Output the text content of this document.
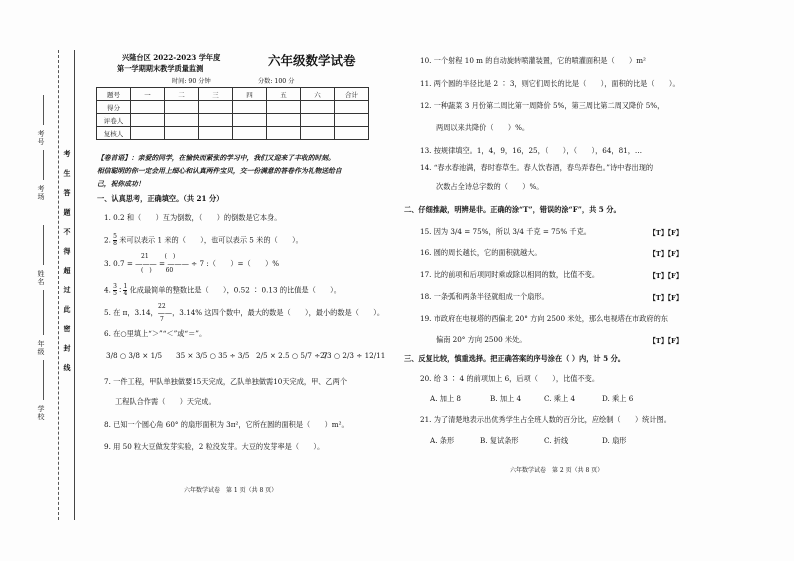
考号
考场
姓名
年级
学校
考 生 答 题 不 得 超 过 此 密 封 线
兴隆台区 2022-2023 学年度
第一学期期末教学质量监测
六年级数学试卷
时间: 90 分钟	分数: 100 分
题号	一	二	三	四	五	六	合计
得分							
评卷人							
复核人							
【卷首语】：亲爱的同学，在愉快而紧张的学习中，我们又迎来了丰收的时刻。
相信聪明的你一定会用上细心和认真两件宝贝，交一份满意的答卷作为礼物送给自
己，祝你成功！
一、认真思考，正确填空。（共 21 分）
1. 0.2 和（　　）互为倒数，（　　）的倒数是它本身。
2. $\frac{5}{8}$ 米可以表示 1 米的（　　），也可以表示 5 米的（　　）。
3. 0.7 = ——— = ——— ÷ 7 :（　　）=（　　）%
21	(　)
(　) 60
4. $\frac{3}{5}$ ∶ $\frac{1}{4}$ 化成最简单的整数比是（　　），0.52 ∶ 0.13 的比值是（　　）。
5. 在 π，3.14，——，3.14% 这四个数中，最大的数是（　　），最小的数是（　　）。
22
7
6. 在○里填上“＞”“＜”或“＝”。
3/8 ○ 3/8 × 1/5 35 × 3/5 ○ 35 ÷ 3/5 2/5 × 2.5 ○ 5/7 ÷ 7
2/3 ○ 2/3 ÷ 12/11
7. 一件工程，甲队单独做要15天完成，乙队单独做需10天完成，甲、乙两个
工程队合作需（　　）天完成。
8. 已知一个圆心角 60° 的扇形面积为 3π²，它所在圆的面积是（　　）m²。
9. 用 50 粒大豆做发芽实验，2 粒没发芽。大豆的发芽率是（　　）。
六年数学试卷　第 1 页（共 8 页）
10. 一个射程 10 m 的自动旋转喷灌装置，它的喷灌面积是（　　）m²
11. 两个圆的半径比是 2 ∶ 3，则它们周长的比是（　　），面积的比是（　　）。
12. 一种蔬菜 3 月份第二周比第一周降价 5%，第三周比第二周又降价 5%，
两周以来共降价（　　）%。
13. 按规律填空。1，4，9，16，25，（　　），（　　），64，81，…
14. “春水春池满，春时春草生。春人饮春酒，春鸟弄春色。”诗中春出现的
次数占全诗总字数的（　　）%。
二、仔细推敲，明辨是非。正确的涂“T”，错误的涂“F”，共 5 分。
15. 因为 3/4 = 75%，所以 3/4 千克 = 75% 千克。
16. 圆的周长越长，它的面积就越大。
17. 比的前项和后项同时乘或除以相同的数，比值不变。
18. 一条弧和两条半径就组成一个扇形。
19. 市政府在电视塔的西偏北 20° 方向 2500 米处，那么电视塔在市政府的东
偏南 20° 方向 2500 米处。
【T】【F】
【T】【F】
【T】【F】
【T】【F】
【T】【F】
三、反复比较，慎重选择。把正确答案的序号涂在（ ）内，计 5 分。
20. 给 3 ∶ 4 的前项加上 6，后项（　　），比值不变。
A. 加上 8	B. 加上 4	C. 乘上 4	D. 乘上 6
21. 为了清楚地表示出优秀学生占全班人数的百分比，应绘制（　　）统计图。
A. 条形	B. 复试条形	C. 折线	D. 扇形
六年数学试卷　第 2 页（共 8 页）
